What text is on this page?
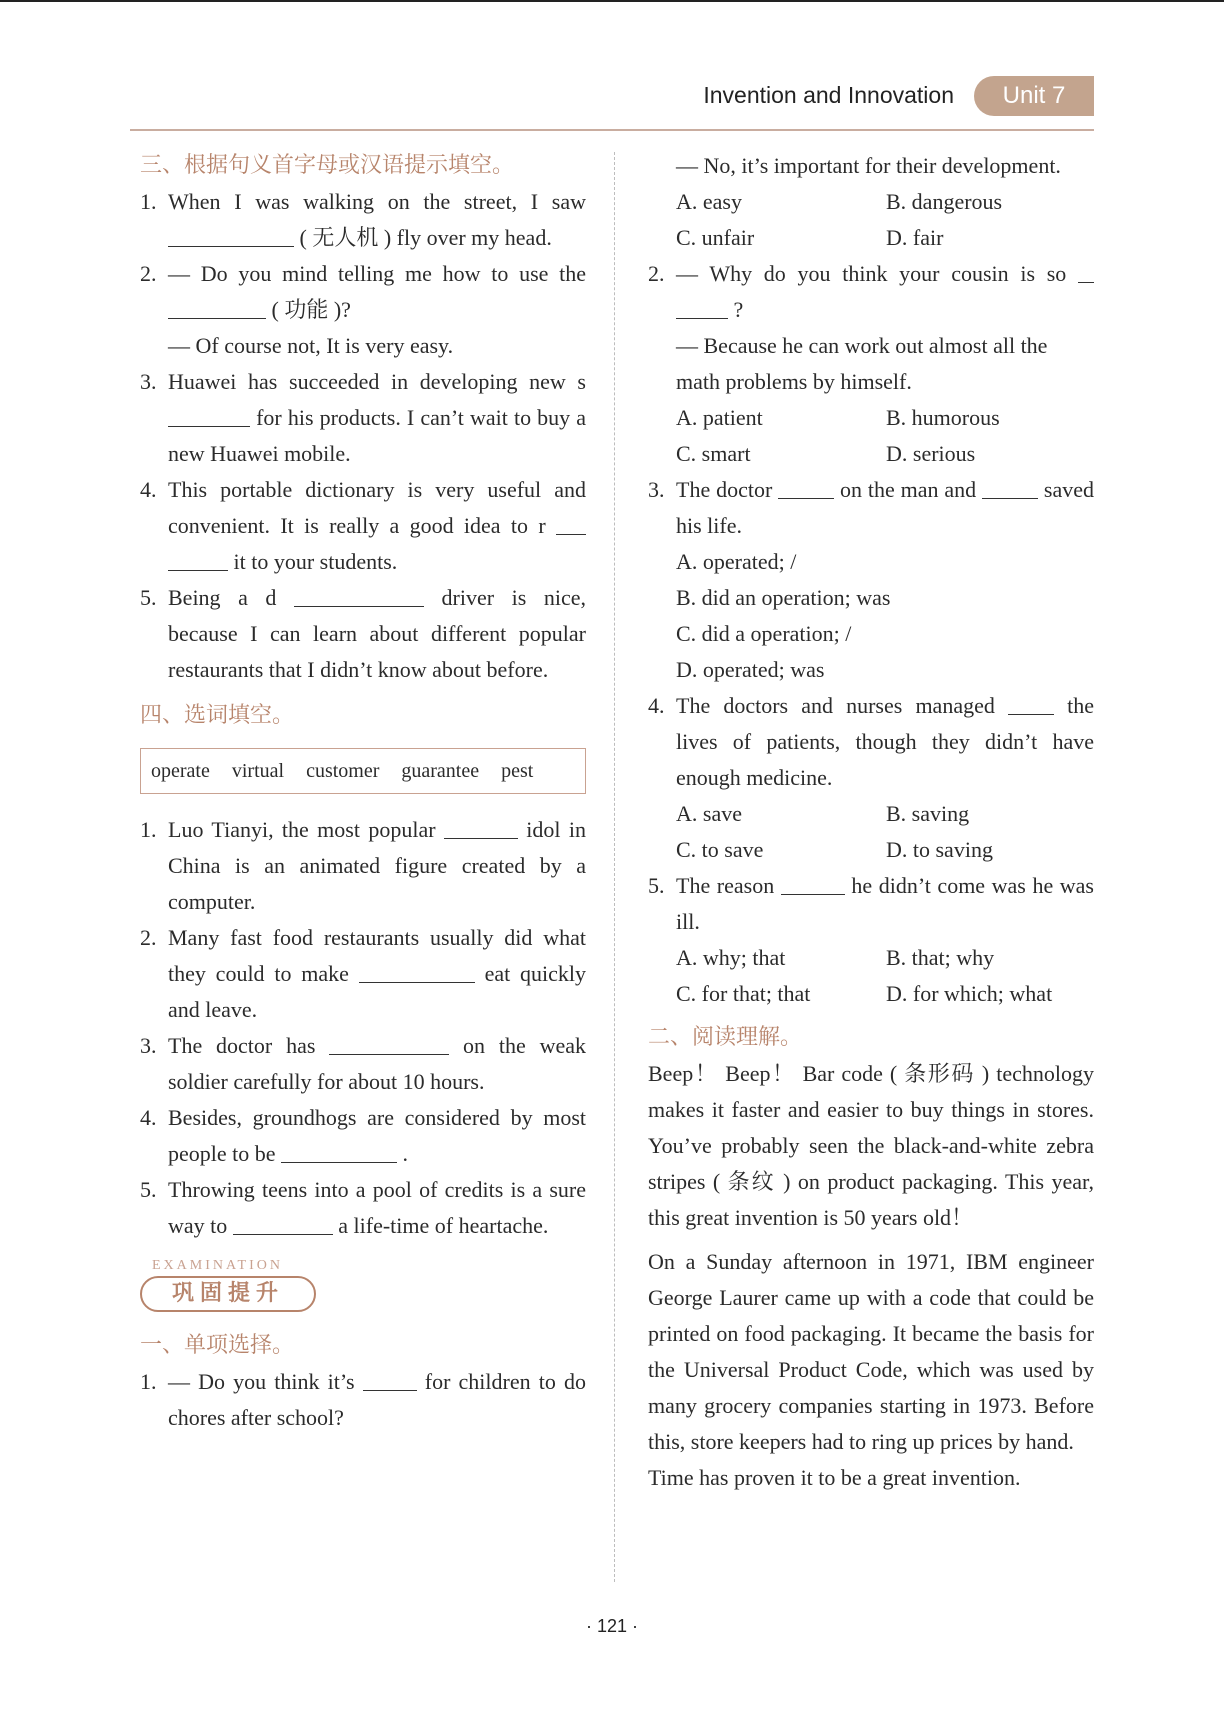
Invention and Innovation	Unit 7
三、根据句义首字母或汉语提示填空。
1. When I was walking on the street, I saw  ( 无人机 ) fly over my head.
2. — Do you mind telling me how to use the  ( 功能 )?
— Of course not, It is very easy.
3. Huawei has succeeded in developing new s  for his products. I can’t wait to buy a new Huawei mobile.
4. This portable dictionary is very useful and convenient. It is really a good idea to r   it to your students.
5. Being a d	driver is nice, because I can learn about different popular restaurants that I didn’t know about before.
四、选词填空。
operate virtual customer guarantee pest
1. Luo Tianyi, the most popular	idol in China is an animated figure created by a computer.
2. Many fast food restaurants usually did what they could to make	eat quickly and leave.
3. The doctor has	on the weak soldier carefully for about 10 hours.
4. Besides, groundhogs are considered by most people to be	.
5. Throwing teens into a pool of credits is a sure way to	a life-time of heartache.
EXAMINATION
巩固提升
一、单项选择。
1. — Do you think it’s	for children to do chores after school?
— No, it’s important for their development.
A. easy	B. dangerous
C. unfair	D. fair
2. — Why do you think your cousin is so   ?
— Because he can work out almost all the math problems by himself.
A. patient	B. humorous
C. smart	D. serious
3. The doctor	on the man and	saved his life.
A. operated; /
B. did an operation; was
C. did a operation; /
D. operated; was
4. The doctors and nurses managed	the lives of patients, though they didn’t have enough medicine.
A. save	B. saving
C. to save	D. to saving
5. The reason	he didn’t come was he was ill.
A. why; that	B. that; why
C. for that; that	D. for which; what
二、阅读理解。
Beep！ Beep！ Bar code ( 条形码 ) technology makes it faster and easier to buy things in stores. You’ve probably seen the black-and-white zebra stripes ( 条纹 ) on product packaging. This year, this great invention is 50 years old！
On a Sunday afternoon in 1971, IBM engineer George Laurer came up with a code that could be printed on food packaging. It became the basis for the Universal Product Code, which was used by many grocery companies starting in 1973. Before this, store keepers had to ring up prices by hand.
Time has proven it to be a great invention.
· 121 ·
